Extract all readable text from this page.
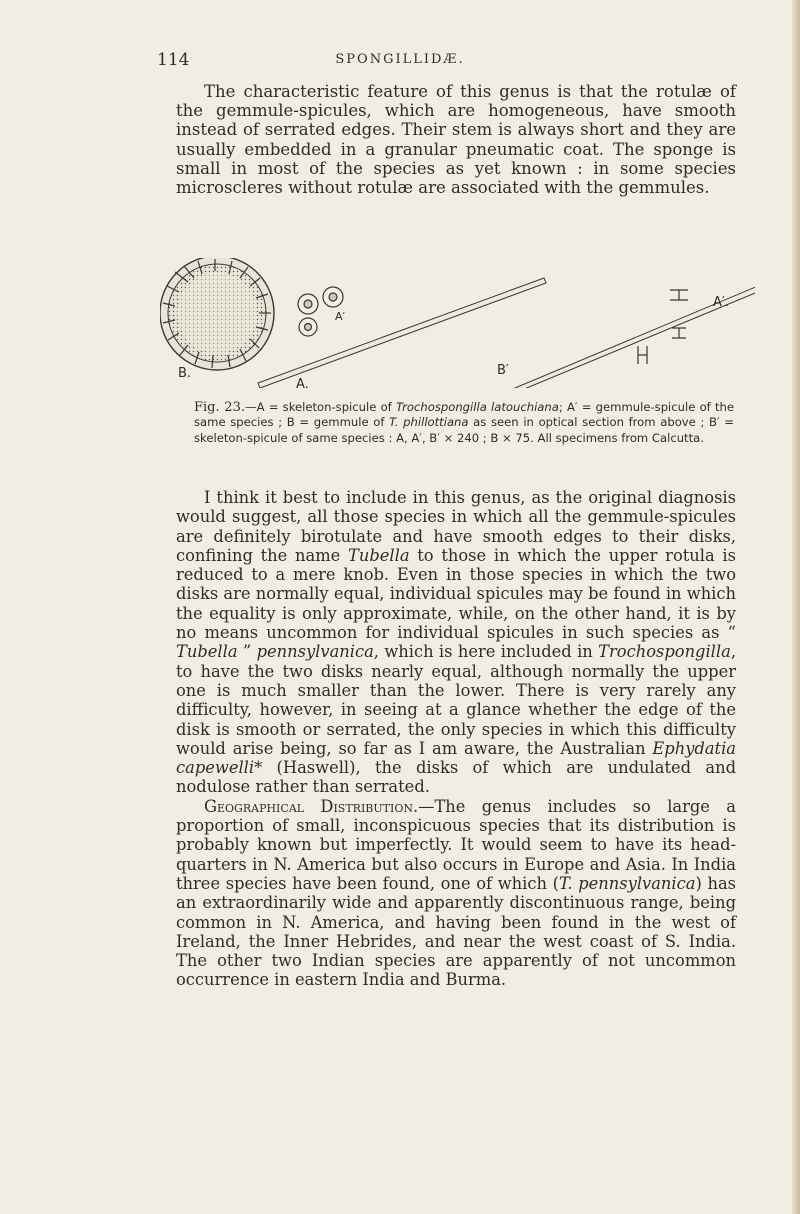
114	SPONGILLIDÆ.

The characteristic feature of this genus is that the rotulæ of the gemmule-spicules, which are homogeneous, have smooth instead of serrated edges. Their stem is always short and they are usually embedded in a granular pneumatic coat. The sponge is small in most of the species as yet known : in some species microscleres without rotulæ are associated with the gemmules.

B.
A.
A′
B′
A′.
Fig. 23.—A = skeleton-spicule of Trochospongilla latouchiana; A′ = gemmule-spicule of the same species ; B = gemmule of T. phillottiana as seen in optical section from above ; B′ = skeleton-spicule of same species : A, A′, B′ × 240 ; B × 75. All specimens from Calcutta.

I think it best to include in this genus, as the original diagnosis would suggest, all those species in which all the gemmule-spicules are definitely birotulate and have smooth edges to their disks, confining the name Tubella to those in which the upper rotula is reduced to a mere knob. Even in those species in which the two disks are normally equal, individual spicules may be found in which the equality is only approximate, while, on the other hand, it is by no means uncommon for individual spicules in such species as “ Tubella ” pennsylvanica, which is here included in Trochospongilla, to have the two disks nearly equal, although normally the upper one is much smaller than the lower. There is very rarely any difficulty, however, in seeing at a glance whether the edge of the disk is smooth or serrated, the only species in which this difficulty would arise being, so far as I am aware, the Australian Ephydatia capewelli* (Haswell), the disks of which are undulated and nodulose rather than serrated.

Geographical Distribution.—The genus includes so large a proportion of small, inconspicuous species that its distribution is probably known but imperfectly. It would seem to have its head-quarters in N. America but also occurs in Europe and Asia. In India three species have been found, one of which (T. pennsylvanica) has an extraordinarily wide and apparently discontinuous range, being common in N. America, and having been found in the west of Ireland, the Inner Hebrides, and near the west coast of S. India. The other two Indian species are apparently of not uncommon occurrence in eastern India and Burma.
